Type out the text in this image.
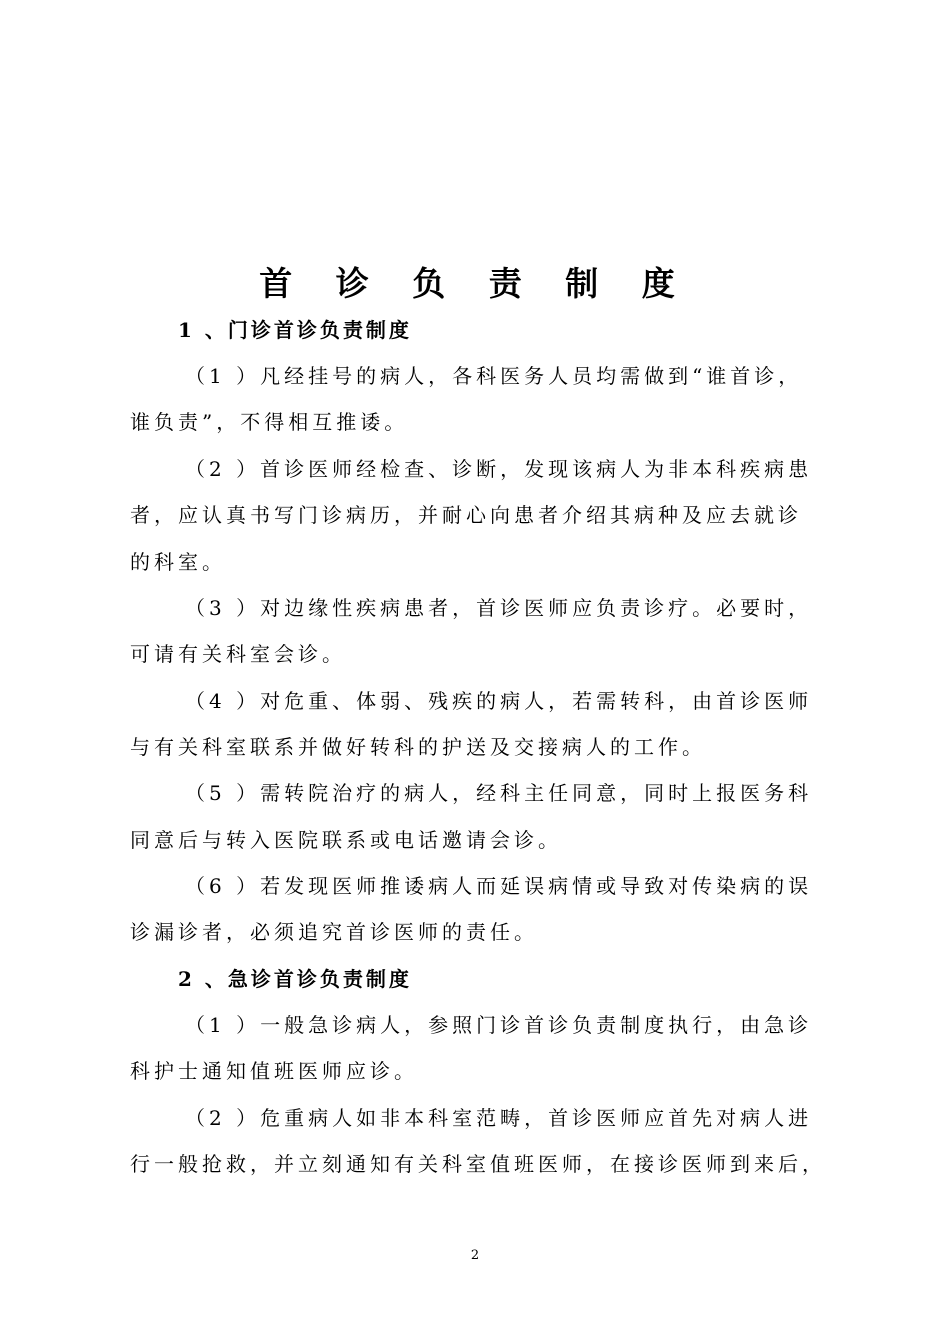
首 诊 负 责 制 度
1 、门诊首诊负责制度
（1 ）凡经挂号的病人，各科医务人员均需做到“谁首诊，
谁负责”，不得相互推诿。
（2 ）首诊医师经检查、诊断，发现该病人为非本科疾病患
者，应认真书写门诊病历，并耐心向患者介绍其病种及应去就诊
的科室。
（3 ）对边缘性疾病患者，首诊医师应负责诊疗。必要时，
可请有关科室会诊。
（4 ）对危重、体弱、残疾的病人，若需转科，由首诊医师
与有关科室联系并做好转科的护送及交接病人的工作。
（5 ）需转院治疗的病人，经科主任同意，同时上报医务科
同意后与转入医院联系或电话邀请会诊。
（6 ）若发现医师推诿病人而延误病情或导致对传染病的误
诊漏诊者，必须追究首诊医师的责任。
2 、急诊首诊负责制度
（1 ）一般急诊病人，参照门诊首诊负责制度执行，由急诊
科护士通知值班医师应诊。
（2 ）危重病人如非本科室范畴，首诊医师应首先对病人进
行一般抢救，并立刻通知有关科室值班医师，在接诊医师到来后，
2
